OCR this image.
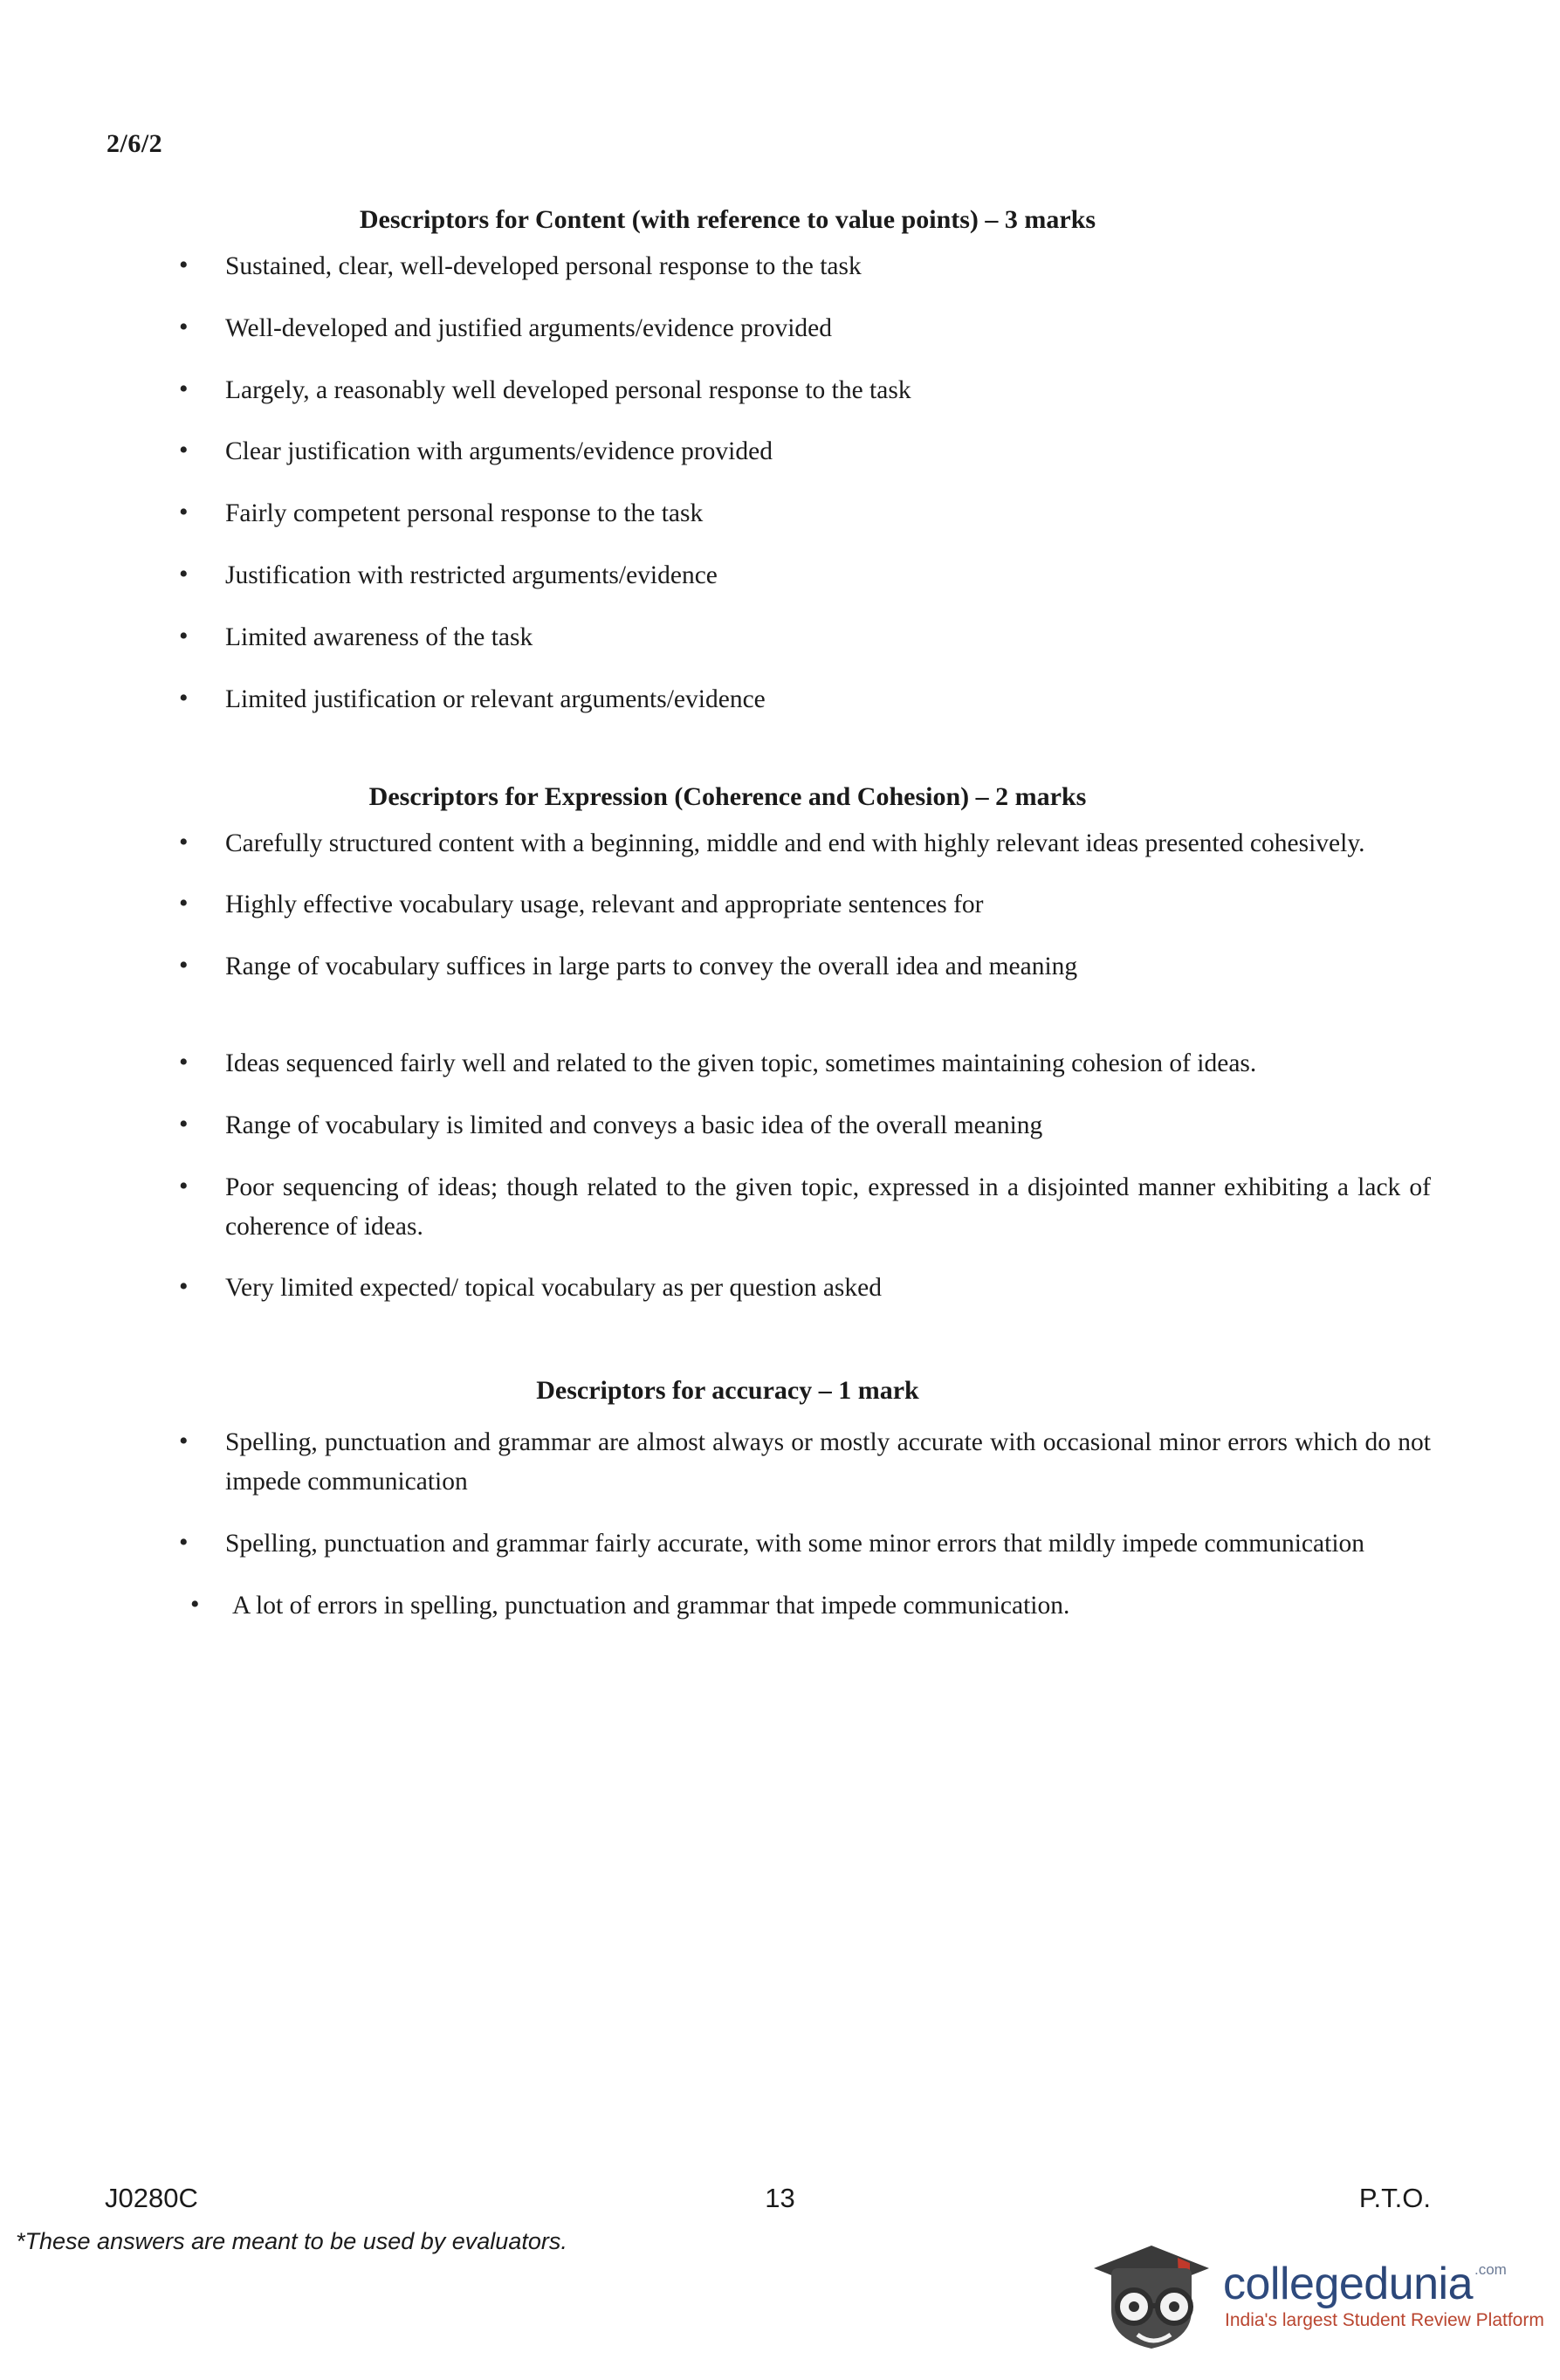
2/6/2
Descriptors for Content (with reference to value points) – 3 marks
• Sustained, clear, well-developed personal response to the task
• Well-developed and justified arguments/evidence provided
• Largely, a reasonably well developed personal response to the task
• Clear justification with arguments/evidence provided
• Fairly competent personal response to the task
• Justification with restricted arguments/evidence
• Limited awareness of the task
• Limited justification or relevant arguments/evidence
Descriptors for Expression (Coherence and Cohesion) – 2 marks
• Carefully structured content with a beginning, middle and end with highly relevant ideas presented cohesively.
• Highly effective vocabulary usage, relevant and appropriate sentences for
• Range of vocabulary suffices in large parts to convey the overall idea and meaning
• Ideas sequenced fairly well and related to the given topic, sometimes maintaining cohesion of ideas.
• Range of vocabulary is limited and conveys a basic idea of the overall meaning
• Poor sequencing of ideas; though related to the given topic, expressed in a disjointed manner exhibiting a lack of coherence of ideas.
• Very limited expected/ topical vocabulary as per question asked
Descriptors for accuracy – 1 mark
• Spelling, punctuation and grammar are almost always or mostly accurate with occasional minor errors which do not impede communication
• Spelling, punctuation and grammar fairly accurate, with some minor errors that mildly impede communication
• A lot of errors in spelling, punctuation and grammar that impede communication.
J0280C	13	P.T.O.
*These answers are meant to be used by evaluators.
collegedunia .com
India's largest Student Review Platform
